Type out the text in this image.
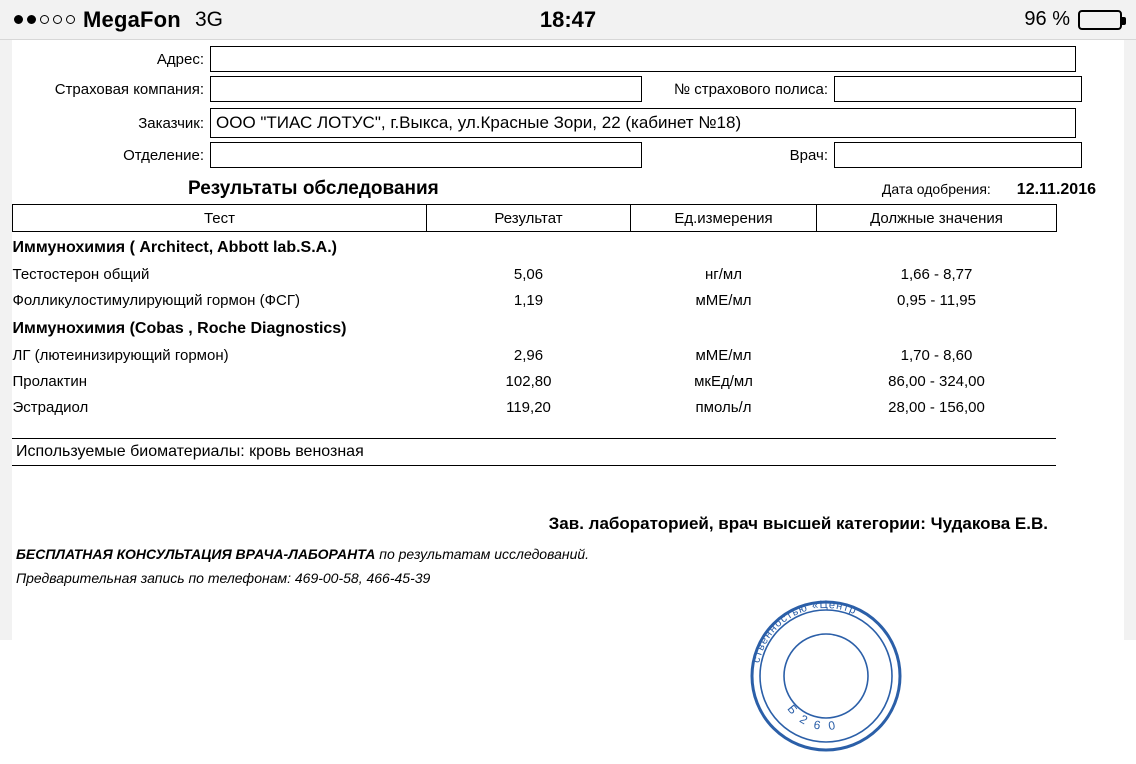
MegaFon 3G	18:47	96 %
Адрес:
Страховая компания:	№ страхового полиса:
Заказчик: ООО "ТИАС ЛОТУС", г.Выкса, ул.Красные Зори, 22 (кабинет №18)
Отделение:	Врач:
Результаты обследования	Дата одобрения: 12.11.2016
Тест	Результат	Ед.измерения	Должные значения
Иммунохимия ( Architect, Abbott lab.S.A.)			
Тестостерон общий	5,06	нг/мл	1,66 - 8,77
Фолликулостимулирующий гормон (ФСГ)	1,19	мМЕ/мл	0,95 - 11,95
Иммунохимия (Cobas , Roche Diagnostics)			
ЛГ (лютеинизирующий гормон)	2,96	мМЕ/мл	1,70 - 8,60
Пролактин	102,80	мкЕд/мл	86,00 - 324,00
Эстрадиол	119,20	пмоль/л	28,00 - 156,00
Используемые биоматериалы: кровь венозная
Зав. лабораторией, врач высшей категории: Чудакова Е.В.
БЕСПЛАТНАЯ КОНСУЛЬТАЦИЯ ВРАЧА-ЛАБОРАНТА по результатам исследований.
Предварительная запись по телефонам: 469-00-58, 466-45-39
ственностью «Центр
Б 2 6 0
